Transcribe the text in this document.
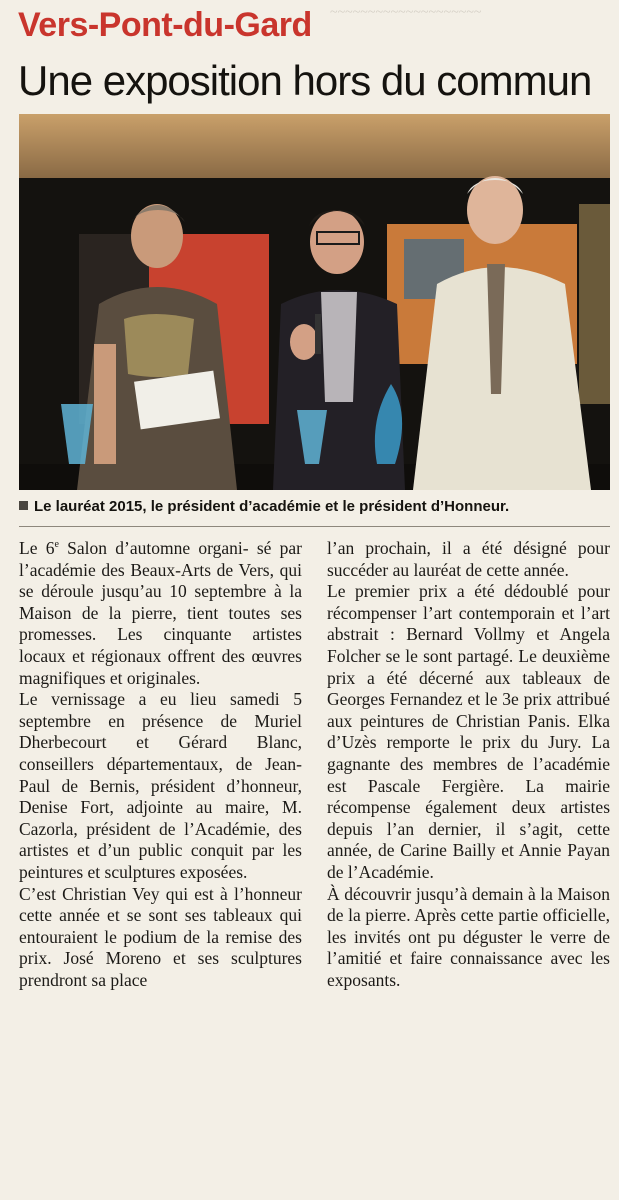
~~~~~~~~~~~~~~~~~~~~
Vers-Pont-du-Gard
Une exposition hors du commun
Le lauréat 2015, le président d’académie et le président d’Honneur.

Le 6e Salon d’automne organi- sé par l’académie des Beaux-Arts de Vers, qui se déroule jusqu’au 10 septembre à la Maison de la pierre, tient toutes ses promesses. Les cinquante artistes locaux et régionaux offrent des œuvres magnifiques et originales.

Le vernissage a eu lieu samedi 5 septembre en présence de Muriel Dherbecourt et Gérard Blanc, conseillers départementaux, de Jean-Paul de Bernis, président d’honneur, Denise Fort, adjointe au maire, M. Cazorla, président de l’Académie, des artistes et d’un public conquit par les peintures et sculptures exposées.

C’est Christian Vey qui est à l’honneur cette année et se sont ses tableaux qui entouraient le podium de la remise des prix. José Moreno et ses sculptures prendront sa place

l’an prochain, il a été désigné pour succéder au lauréat de cette année.

Le premier prix a été dédoublé pour récompenser l’art contemporain et l’art abstrait : Bernard Vollmy et Angela Folcher se le sont partagé. Le deuxième prix a été décerné aux tableaux de Georges Fernandez et le 3e prix attribué aux peintures de Christian Panis. Elka d’Uzès remporte le prix du Jury. La gagnante des membres de l’académie est Pascale Fergière. La mairie récompense également deux artistes depuis l’an dernier, il s’agit, cette année, de Carine Bailly et Annie Payan de l’Académie.

À découvrir jusqu’à demain à la Maison de la pierre. Après cette partie officielle, les invités ont pu déguster le verre de l’amitié et faire connaissance avec les exposants.
